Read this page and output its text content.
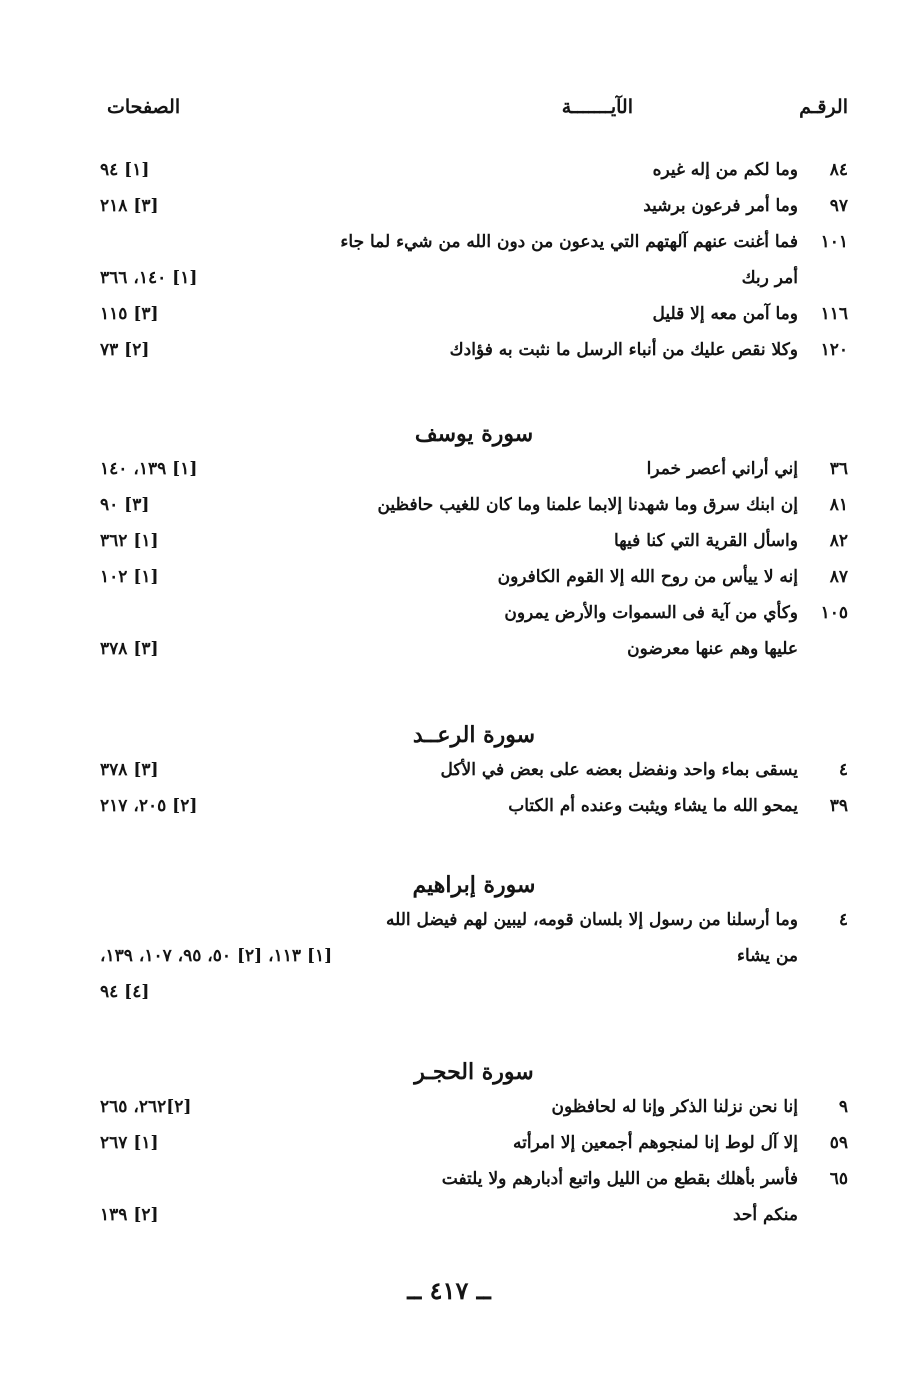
الرقـم
الآيـــــــة
الصفحات
٨٤
وما لكم من إله غيره
[١] ٩٤
٩٧
وما أمر فرعون برشيد
[٣] ٢١٨
١٠١
فما أغنت عنهم آلهتهم التي يدعون من دون الله من شيء لما جاء
أمر ربك
[١] ١٤٠، ٣٦٦
١١٦
وما آمن معه إلا قليل
[٣] ١١٥
١٢٠
وكلا نقص عليك من أنباء الرسل ما نثبت به فؤادك
[٢] ٧٣
سورة يوسف
٣٦
إني أراني أعصر خمرا
[١] ١٣٩، ١٤٠
٨١
إن ابنك سرق وما شهدنا إلابما علمنا وما كان للغيب حافظين
[٣] ٩٠
٨٢
واسأل القرية التي كنا فيها
[١] ٣٦٢
٨٧
إنه لا ييأس من روح الله إلا القوم الكافرون
[١] ١٠٢
١٠٥
وكأي من آية فى السموات والأرض يمرون
عليها وهم عنها معرضون
[٣] ٣٧٨
سورة الرعــد
٤
يسقى بماء واحد ونفضل بعضه على بعض في الأكل
[٣] ٣٧٨
٣٩
يمحو الله ما يشاء ويثبت وعنده أم الكتاب
[٢] ٢٠٥، ٢١٧
سورة إبراهيم
٤
وما أرسلنا من رسول إلا بلسان قومه، ليبين لهم فيضل الله
من يشاء
[١] ١١٣، [٢] ٥٠، ٩٥، ١٠٧، ١٣٩،
[٤] ٩٤
سورة الحجـر
٩
إنا نحن نزلنا الذكر وإنا له لحافظون
[٢]٢٦٢، ٢٦٥
٥٩
إلا آل لوط إنا لمنجوهم أجمعين إلا امرأته
[١] ٢٦٧
٦٥
فأسر بأهلك بقطع من الليل واتبع أدبارهم ولا يلتفت
منكم أحد
[٢] ١٣٩
ــ ٤١٧ ــ
